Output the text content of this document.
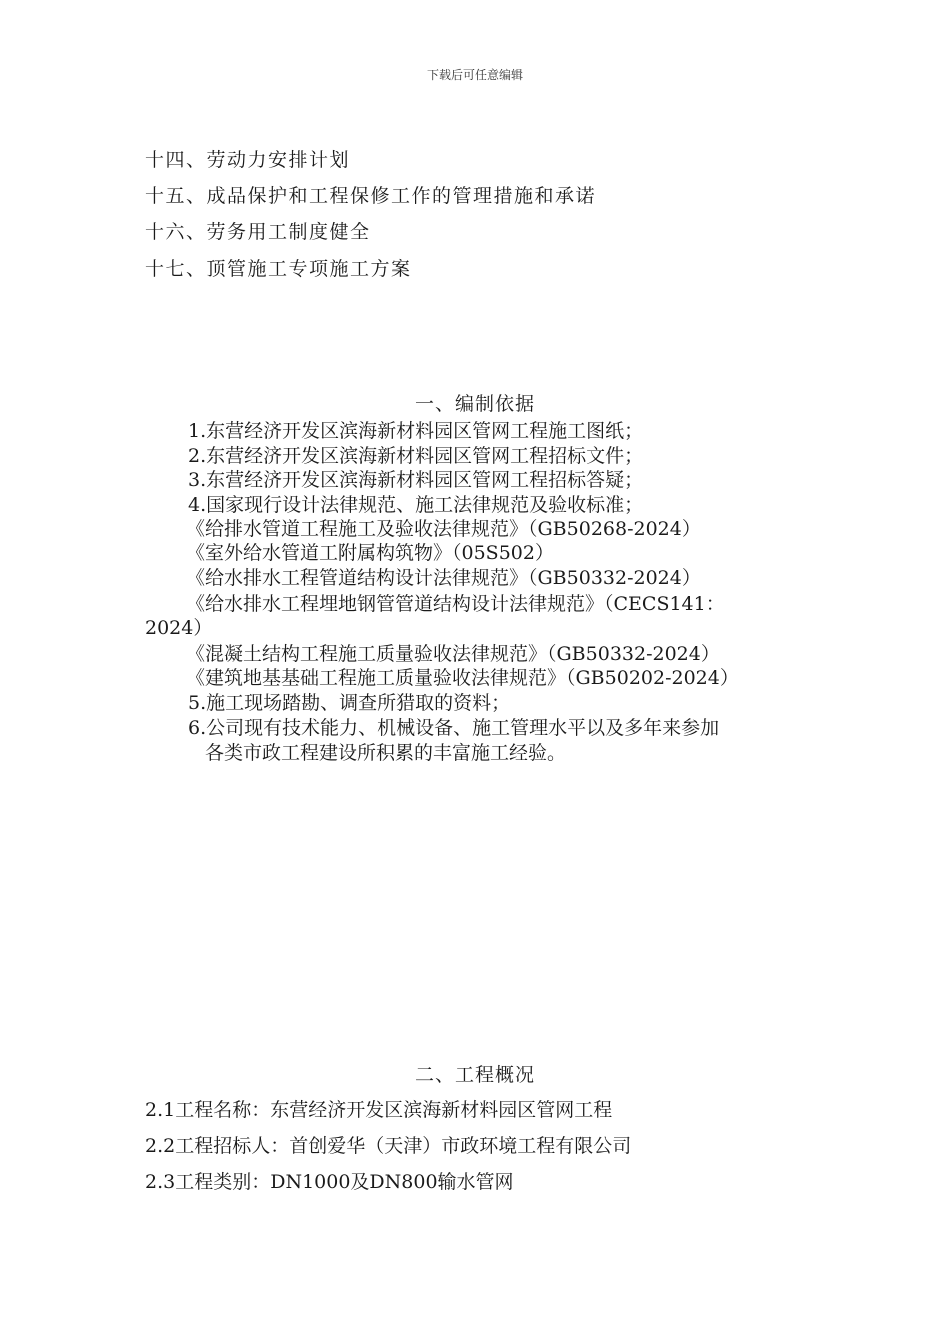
下载后可任意编辑
十四、劳动力安排计划
十五、成品保护和工程保修工作的管理措施和承诺
十六、劳务用工制度健全
十七、顶管施工专项施工方案
一、编制依据
1.东营经济开发区滨海新材料园区管网工程施工图纸；
2.东营经济开发区滨海新材料园区管网工程招标文件；
3.东营经济开发区滨海新材料园区管网工程招标答疑；
4.国家现行设计法律规范、施工法律规范及验收标准；
《给排水管道工程施工及验收法律规范》（GB50268-2024）
《室外给水管道工附属构筑物》（05S502）
《给水排水工程管道结构设计法律规范》（GB50332-2024）
《给水排水工程埋地钢管管道结构设计法律规范》（CECS141：
2024）
《混凝土结构工程施工质量验收法律规范》（GB50332-2024）
《建筑地基基础工程施工质量验收法律规范》（GB50202-2024）
5.施工现场踏勘、调查所猎取的资料；
6.公司现有技术能力、机械设备、施工管理水平以及多年来参加
各类市政工程建设所积累的丰富施工经验。
二、工程概况
2.1工程名称：东营经济开发区滨海新材料园区管网工程
2.2工程招标人：首创爱华（天津）市政环境工程有限公司
2.3工程类别：DN1000及DN800输水管网
